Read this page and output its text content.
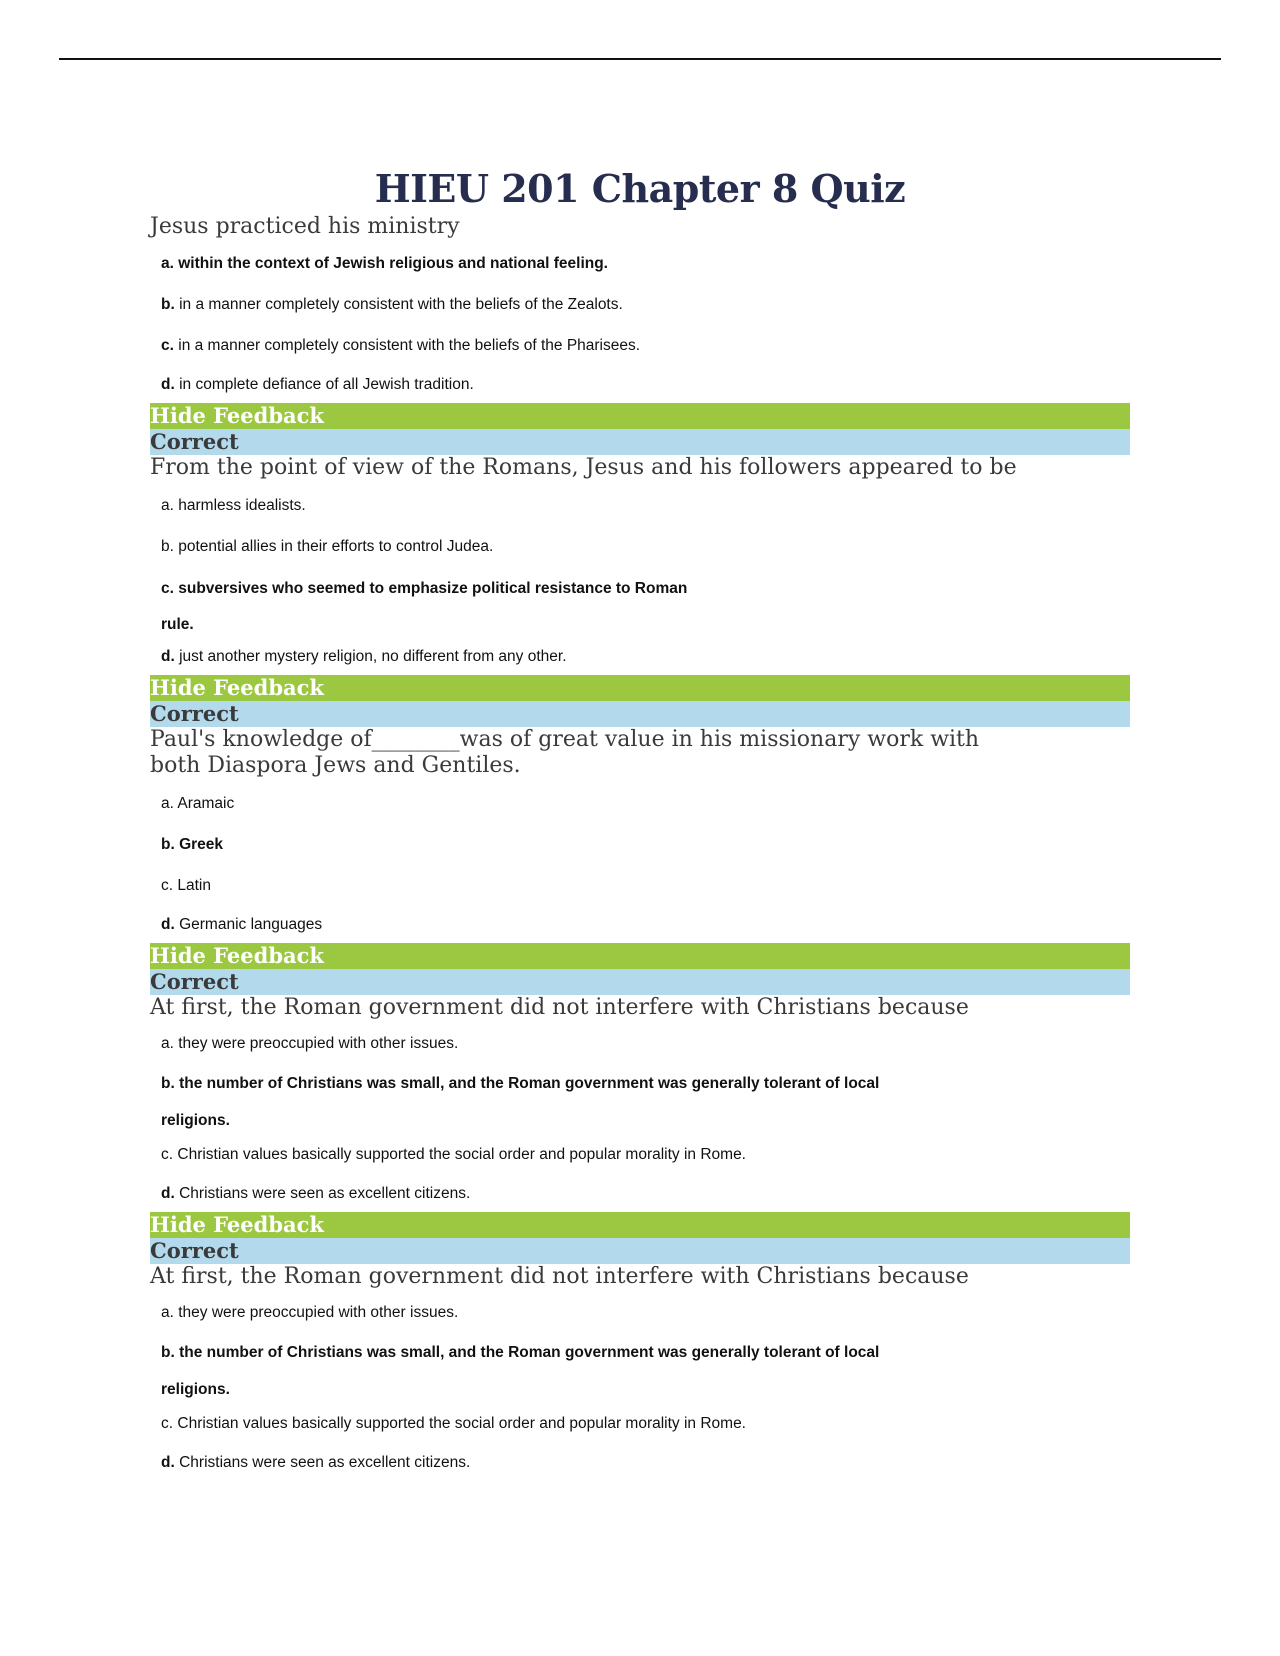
HIEU 201 Chapter 8 Quiz
Jesus practiced his ministry
a. within the context of Jewish religious and national feeling.
b. in a manner completely consistent with the beliefs of the Zealots.
c. in a manner completely consistent with the beliefs of the Pharisees.
d. in complete defiance of all Jewish tradition.
Hide Feedback
Correct
From the point of view of the Romans, Jesus and his followers appeared to be
a. harmless idealists.
b. potential allies in their efforts to control Judea.
c. subversives who seemed to emphasize political resistance to Roman
rule.
d. just another mystery religion, no different from any other.
Hide Feedback
Correct
Paul's knowledge of________was of great value in his missionary work with both Diaspora Jews and Gentiles.
a. Aramaic
b. Greek
c. Latin
d. Germanic languages
Hide Feedback
Correct
At first, the Roman government did not interfere with Christians because
a. they were preoccupied with other issues.
b. the number of Christians was small, and the Roman government was generally tolerant of local
religions.
c. Christian values basically supported the social order and popular morality in Rome.
d. Christians were seen as excellent citizens.
Hide Feedback
Correct
At first, the Roman government did not interfere with Christians because
a. they were preoccupied with other issues.
b. the number of Christians was small, and the Roman government was generally tolerant of local
religions.
c. Christian values basically supported the social order and popular morality in Rome.
d. Christians were seen as excellent citizens.
